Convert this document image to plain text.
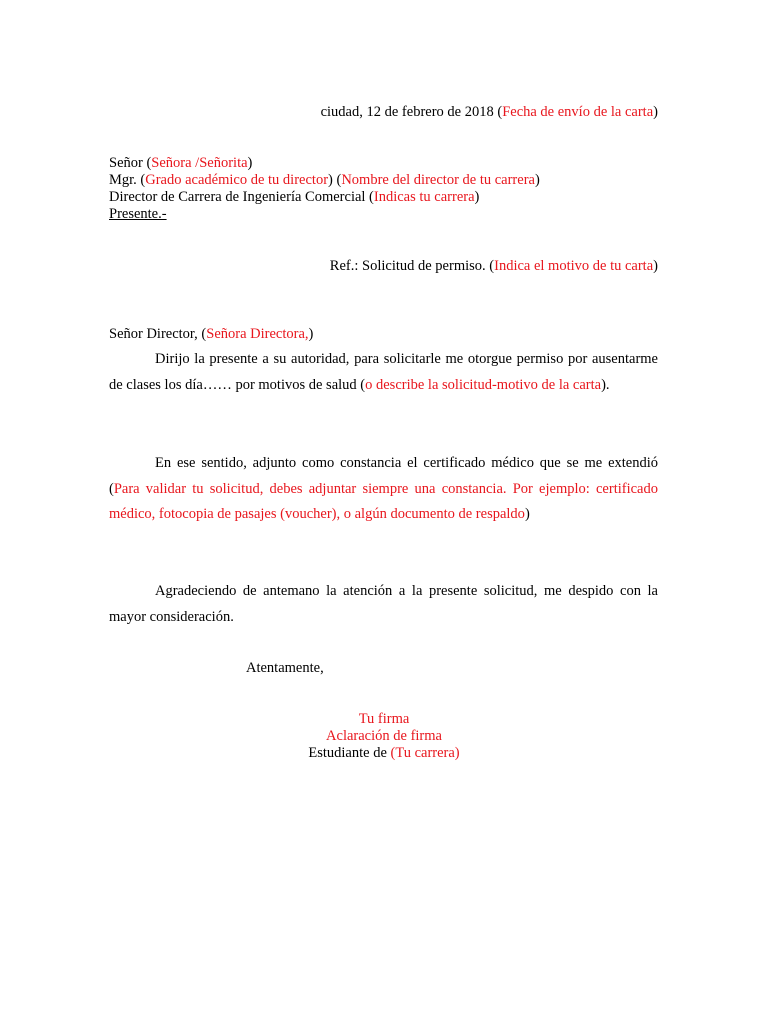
ciudad, 12 de febrero de 2018 (Fecha de envío de la carta)
Señor (Señora /Señorita)
Mgr. (Grado académico de tu director) (Nombre del director de tu carrera)
Director de Carrera de Ingeniería Comercial (Indicas tu carrera)
Presente.-
Ref.: Solicitud de permiso. (Indica el motivo de tu carta)
Señor Director, (Señora Directora,)
Dirijo la presente a su autoridad, para solicitarle me otorgue permiso por ausentarme de clases los día…… por motivos de salud (o describe la solicitud-motivo de la carta).
En ese sentido, adjunto como constancia el certificado médico que se me extendió (Para validar tu solicitud, debes adjuntar siempre una constancia. Por ejemplo: certificado médico, fotocopia de pasajes (voucher), o algún documento de respaldo)
Agradeciendo de antemano la atención a la presente solicitud, me despido con la mayor consideración.
Atentamente,
Tu firma
Aclaración de firma
Estudiante de (Tu carrera)
